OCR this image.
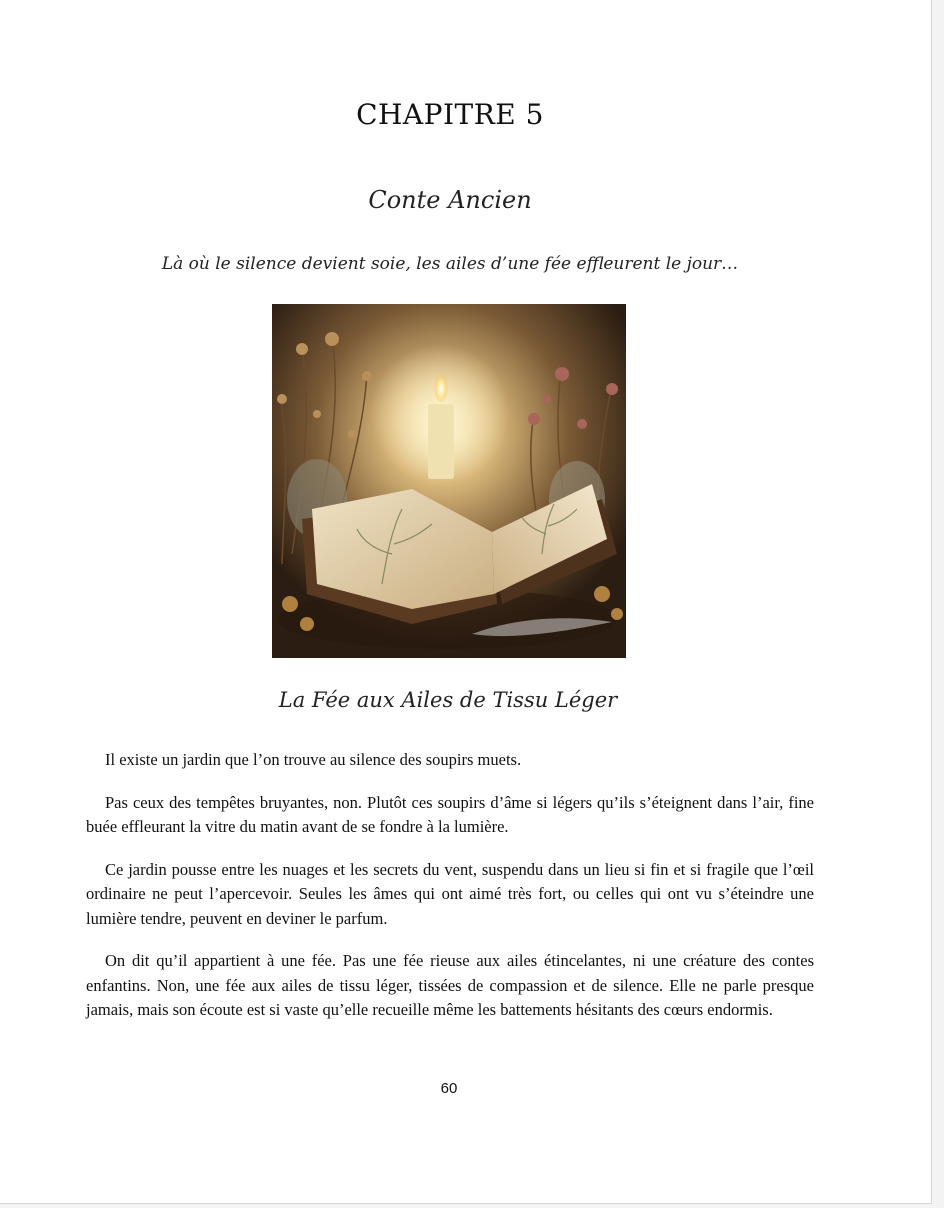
CHAPITRE 5
Conte Ancien
Là où le silence devient soie, les ailes d’une fée effleurent le jour…
La Fée aux Ailes de Tissu Léger

Il existe un jardin que l’on trouve au silence des soupirs muets.

Pas ceux des tempêtes bruyantes, non. Plutôt ces soupirs d’âme si légers qu’ils s’éteignent dans l’air, fine buée effleurant la vitre du matin avant de se fondre à la lumière.

Ce jardin pousse entre les nuages et les secrets du vent, suspendu dans un lieu si fin et si fragile que l’œil ordinaire ne peut l’apercevoir. Seules les âmes qui ont aimé très fort, ou celles qui ont vu s’éteindre une lumière tendre, peuvent en deviner le parfum.

On dit qu’il appartient à une fée. Pas une fée rieuse aux ailes étincelantes, ni une créature des contes enfantins. Non, une fée aux ailes de tissu léger, tissées de compassion et de silence. Elle ne parle presque jamais, mais son écoute est si vaste qu’elle recueille même les battements hésitants des cœurs endormis.

60
